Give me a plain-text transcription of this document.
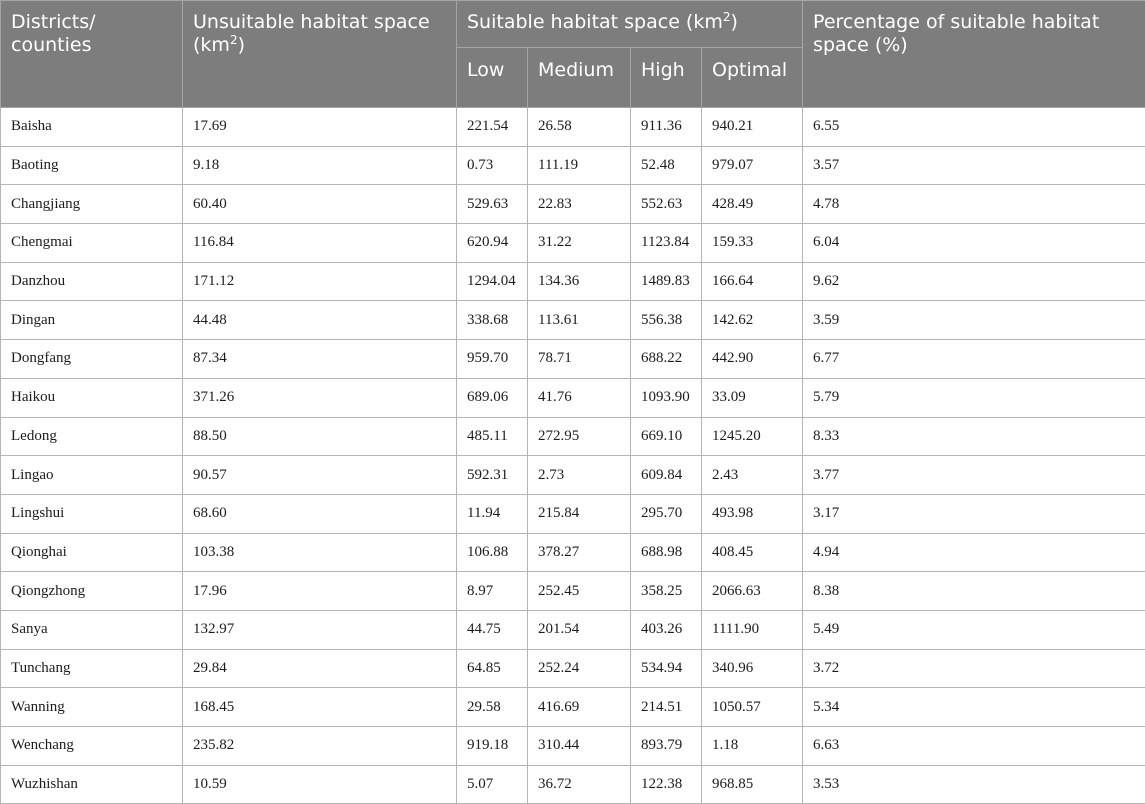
Districts/ counties	Unsuitable habitat space $(km^2)$	Suitable habitat space $(km^2)$				Percentage of suitable habitat space (%)
		Low	Medium	High	Optimal	
Baisha	17.69	221.54	26.58	911.36	940.21	6.55
Baoting	9.18	0.73	111.19	52.48	979.07	3.57
Changjiang	60.40	529.63	22.83	552.63	428.49	4.78
Chengmai	116.84	620.94	31.22	1123.84	159.33	6.04
Danzhou	171.12	1294.04	134.36	1489.83	166.64	9.62
Dingan	44.48	338.68	113.61	556.38	142.62	3.59
Dongfang	87.34	959.70	78.71	688.22	442.90	6.77
Haikou	371.26	689.06	41.76	1093.90	33.09	5.79
Ledong	88.50	485.11	272.95	669.10	1245.20	8.33
Lingao	90.57	592.31	2.73	609.84	2.43	3.77
Lingshui	68.60	11.94	215.84	295.70	493.98	3.17
Qionghai	103.38	106.88	378.27	688.98	408.45	4.94
Qiongzhong	17.96	8.97	252.45	358.25	2066.63	8.38
Sanya	132.97	44.75	201.54	403.26	1111.90	5.49
Tunchang	29.84	64.85	252.24	534.94	340.96	3.72
Wanning	168.45	29.58	416.69	214.51	1050.57	5.34
Wenchang	235.82	919.18	310.44	893.79	1.18	6.63
Wuzhishan	10.59	5.07	36.72	122.38	968.85	3.53
